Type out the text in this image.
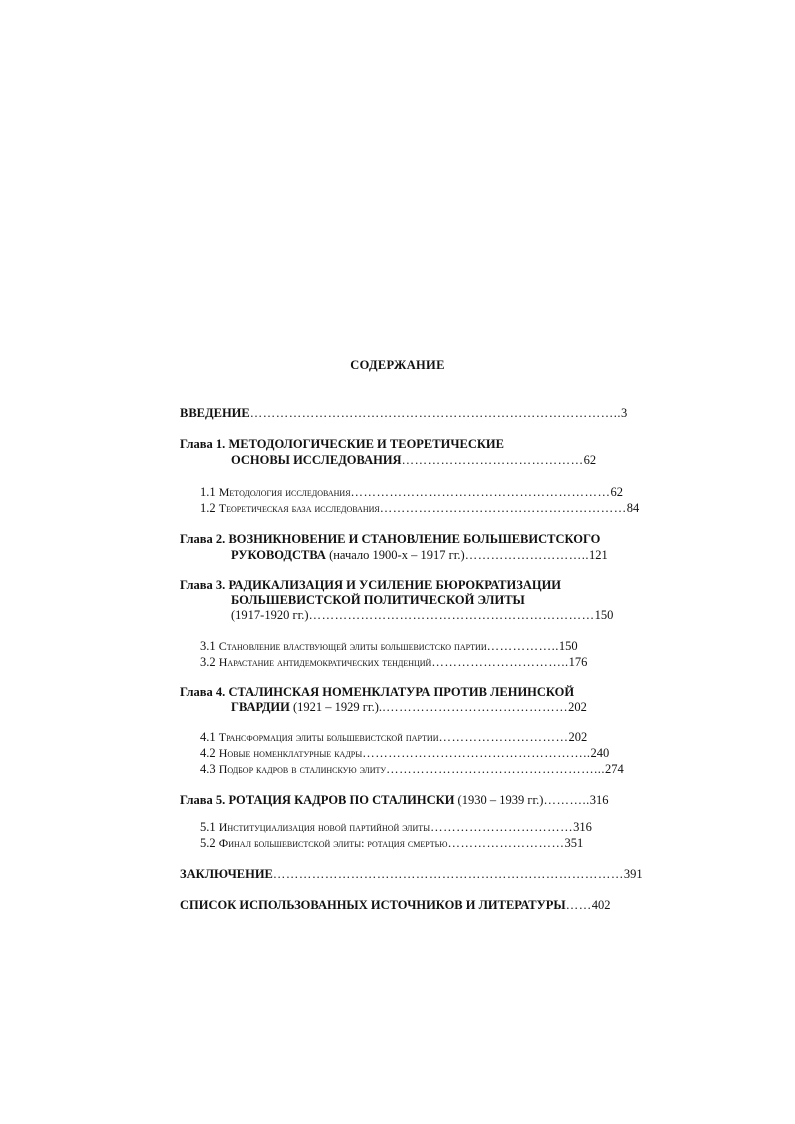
СОДЕРЖАНИЕ
ВВЕДЕНИЕ…………………………………………………………………………..3
Глава 1. МЕТОДОЛОГИЧЕСКИЕ И ТЕОРЕТИЧЕСКИЕ
ОСНОВЫ ИССЛЕДОВАНИЯ……………………………………62
1.1 Методология исследования……………………………………………………62
1.2 Теоретическая база исследования…………………………………………………84
Глава 2. ВОЗНИКНОВЕНИЕ И СТАНОВЛЕНИЕ БОЛЬШЕВИСТСКОГО
РУКОВОДСТВА (начало 1900-х – 1917 гг.)………………………..121
Глава 3. РАДИКАЛИЗАЦИЯ И УСИЛЕНИЕ БЮРОКРАТИЗАЦИИ
БОЛЬШЕВИСТСКОЙ ПОЛИТИЧЕСКОЙ ЭЛИТЫ
(1917-1920 гг.)…………………………………………………………150
3.1 Становление властвующей элиты большевистско партии……………..150
3.2 Нарастание антидемократических тенденций…………………………..176
Глава 4. СТАЛИНСКАЯ НОМЕНКЛАТУРА ПРОТИВ ЛЕНИНСКОЙ
ГВАРДИИ (1921 – 1929 гг.)..……………………………………202
4.1 Трансформация элиты большевистской партии…………………………202
4.2 Новые номенклатурные кадры……………………………………………..240
4.3 Подбор кадров в сталинскую элиту…………………………………………...274
Глава 5. РОТАЦИЯ КАДРОВ ПО СТАЛИНСКИ (1930 – 1939 гг.)………..316
5.1 Институциализация новой партийной элиты……………………………316
5.2 Финал большевистской элиты: ротация смертью………………………351
ЗАКЛЮЧЕНИЕ………………………………………………………………………391
СПИСОК ИСПОЛЬЗОВАННЫХ ИСТОЧНИКОВ И ЛИТЕРАТУРЫ……402
